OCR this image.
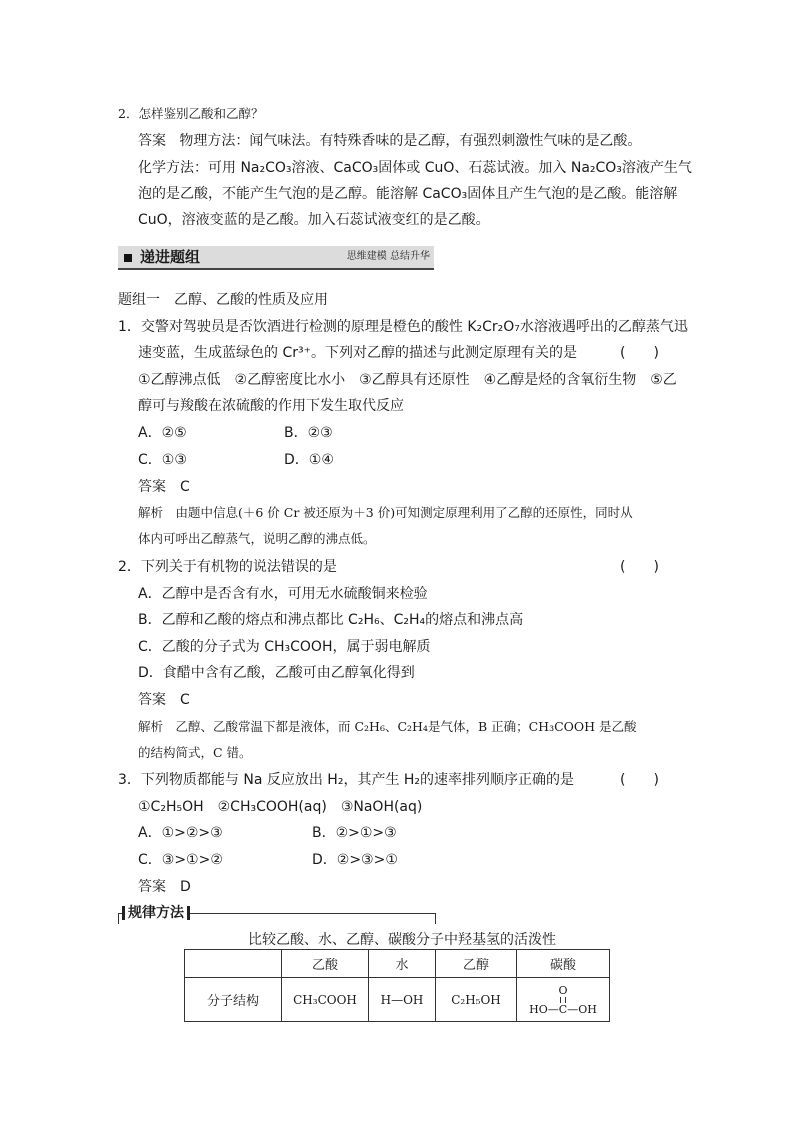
2．怎样鉴别乙酸和乙醇？
答案 物理方法：闻气味法。有特殊香味的是乙醇，有强烈刺激性气味的是乙酸。
化学方法：可用 Na₂CO₃溶液、CaCO₃固体或 CuO、石蕊试液。加入 Na₂CO₃溶液产生气
泡的是乙酸，不能产生气泡的是乙醇。能溶解 CaCO₃固体且产生气泡的是乙酸。能溶解
CuO，溶液变蓝的是乙酸。加入石蕊试液变红的是乙酸。
递进题组	思维建模 总结升华
题组一　乙醇、乙酸的性质及应用
1．交警对驾驶员是否饮酒进行检测的原理是橙色的酸性 K₂Cr₂O₇水溶液遇呼出的乙醇蒸气迅
速变蓝，生成蓝绿色的 Cr³⁺。下列对乙醇的描述与此测定原理有关的是	(　　)
①乙醇沸点低　②乙醇密度比水小　③乙醇具有还原性　④乙醇是烃的含氧衍生物　⑤乙
醇可与羧酸在浓硫酸的作用下发生取代反应
A．②⑤	B．②③
C．①③	D．①④
答案　C
解析　由题中信息(＋6 价 Cr 被还原为＋3 价)可知测定原理利用了乙醇的还原性，同时从
体内可呼出乙醇蒸气，说明乙醇的沸点低。
2．下列关于有机物的说法错误的是	(　　)
A．乙醇中是否含有水，可用无水硫酸铜来检验
B．乙醇和乙酸的熔点和沸点都比 C₂H₆、C₂H₄的熔点和沸点高
C．乙酸的分子式为 CH₃COOH，属于弱电解质
D．食醋中含有乙酸，乙酸可由乙醇氧化得到
答案　C
解析　乙醇、乙酸常温下都是液体，而 C₂H₆、C₂H₄是气体，B 正确；CH₃COOH 是乙酸
的结构简式，C 错。
3．下列物质都能与 Na 反应放出 H₂，其产生 H₂的速率排列顺序正确的是	(　　)
①C₂H₅OH　②CH₃COOH(aq)　③NaOH(aq)
A．①>②>③	B．②>①>③
C．③>①>②	D．②>③>①
答案　D
规律方法
比较乙酸、水、乙醇、碳酸分子中羟基氢的活泼性
	乙酸	水	乙醇	碳酸
分子结构	CH₃COOH	H—OH	C₂H₅OH	O
HO—C—OH
